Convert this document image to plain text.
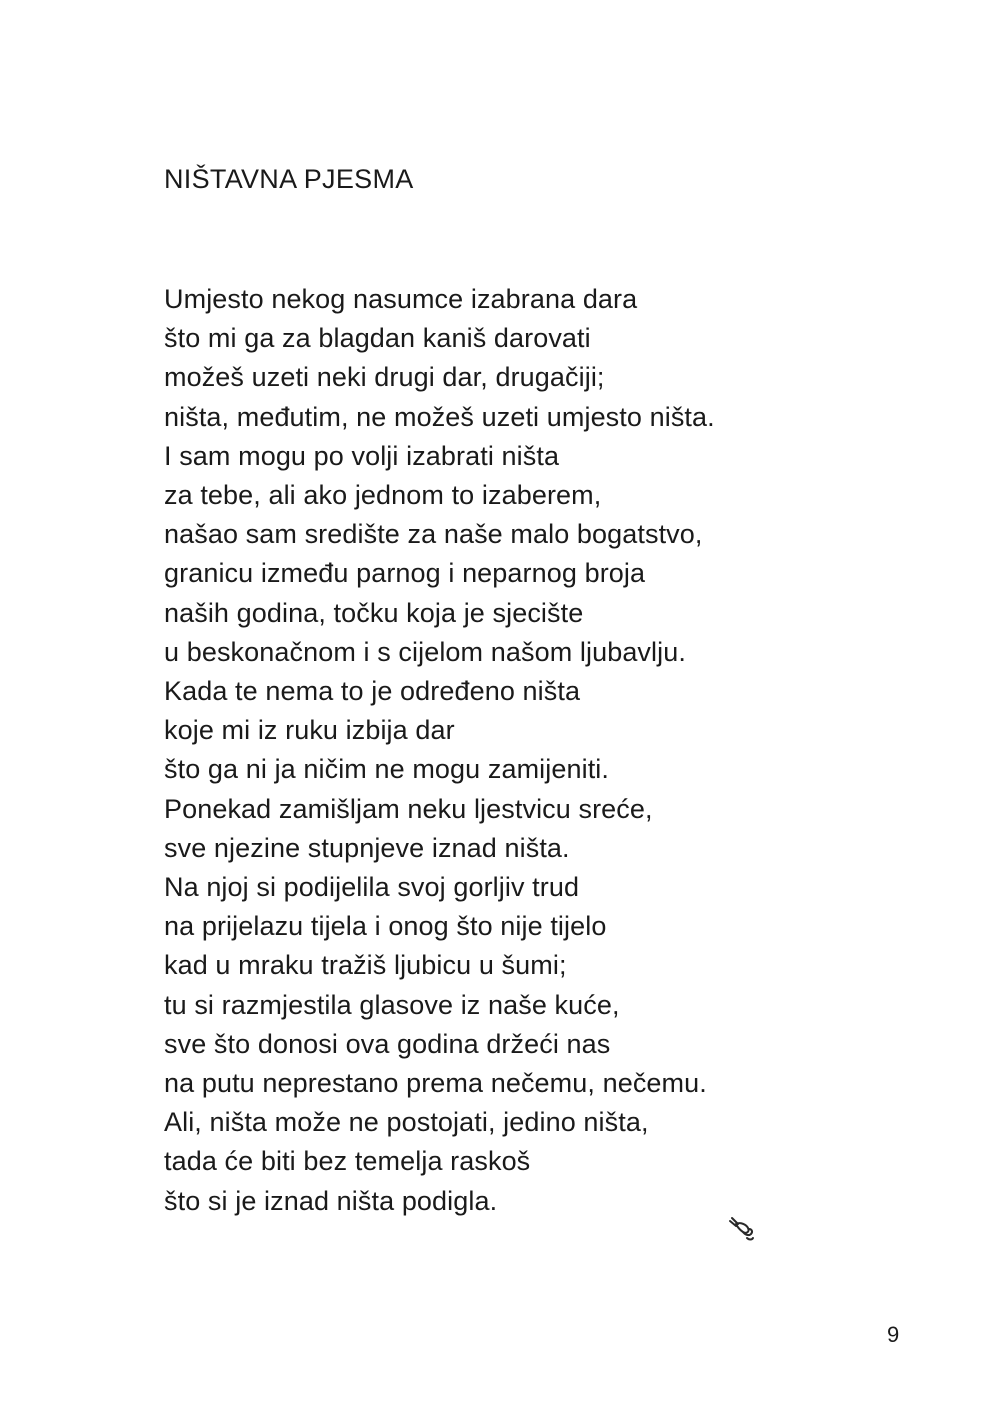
NIŠTAVNA PJESMA
Umjesto nekog nasumce izabrana dara
što mi ga za blagdan kaniš darovati
možeš uzeti neki drugi dar, drugačiji;
ništa, međutim, ne možeš uzeti umjesto ništa.
I sam mogu po volji izabrati ništa
za tebe, ali ako jednom to izaberem,
našao sam središte za naše malo bogatstvo,
granicu između parnog i neparnog broja
naših godina, točku koja je sjecište
u beskonačnom i s cijelom našom ljubavlju.
Kada te nema to je određeno ništa
koje mi iz ruku izbija dar
što ga ni ja ničim ne mogu zamijeniti.
Ponekad zamišljam neku ljestvicu sreće,
sve njezine stupnjeve iznad ništa.
Na njoj si podijelila svoj gorljiv trud
na prijelazu tijela i onog što nije tijelo
kad u mraku tražiš ljubicu u šumi;
tu si razmjestila glasove iz naše kuće,
sve što donosi ova godina držeći nas
na putu neprestano prema nečemu, nečemu.
Ali, ništa može ne postojati, jedino ništa,
tada će biti bez temelja raskoš
što si je iznad ništa podigla.
9
